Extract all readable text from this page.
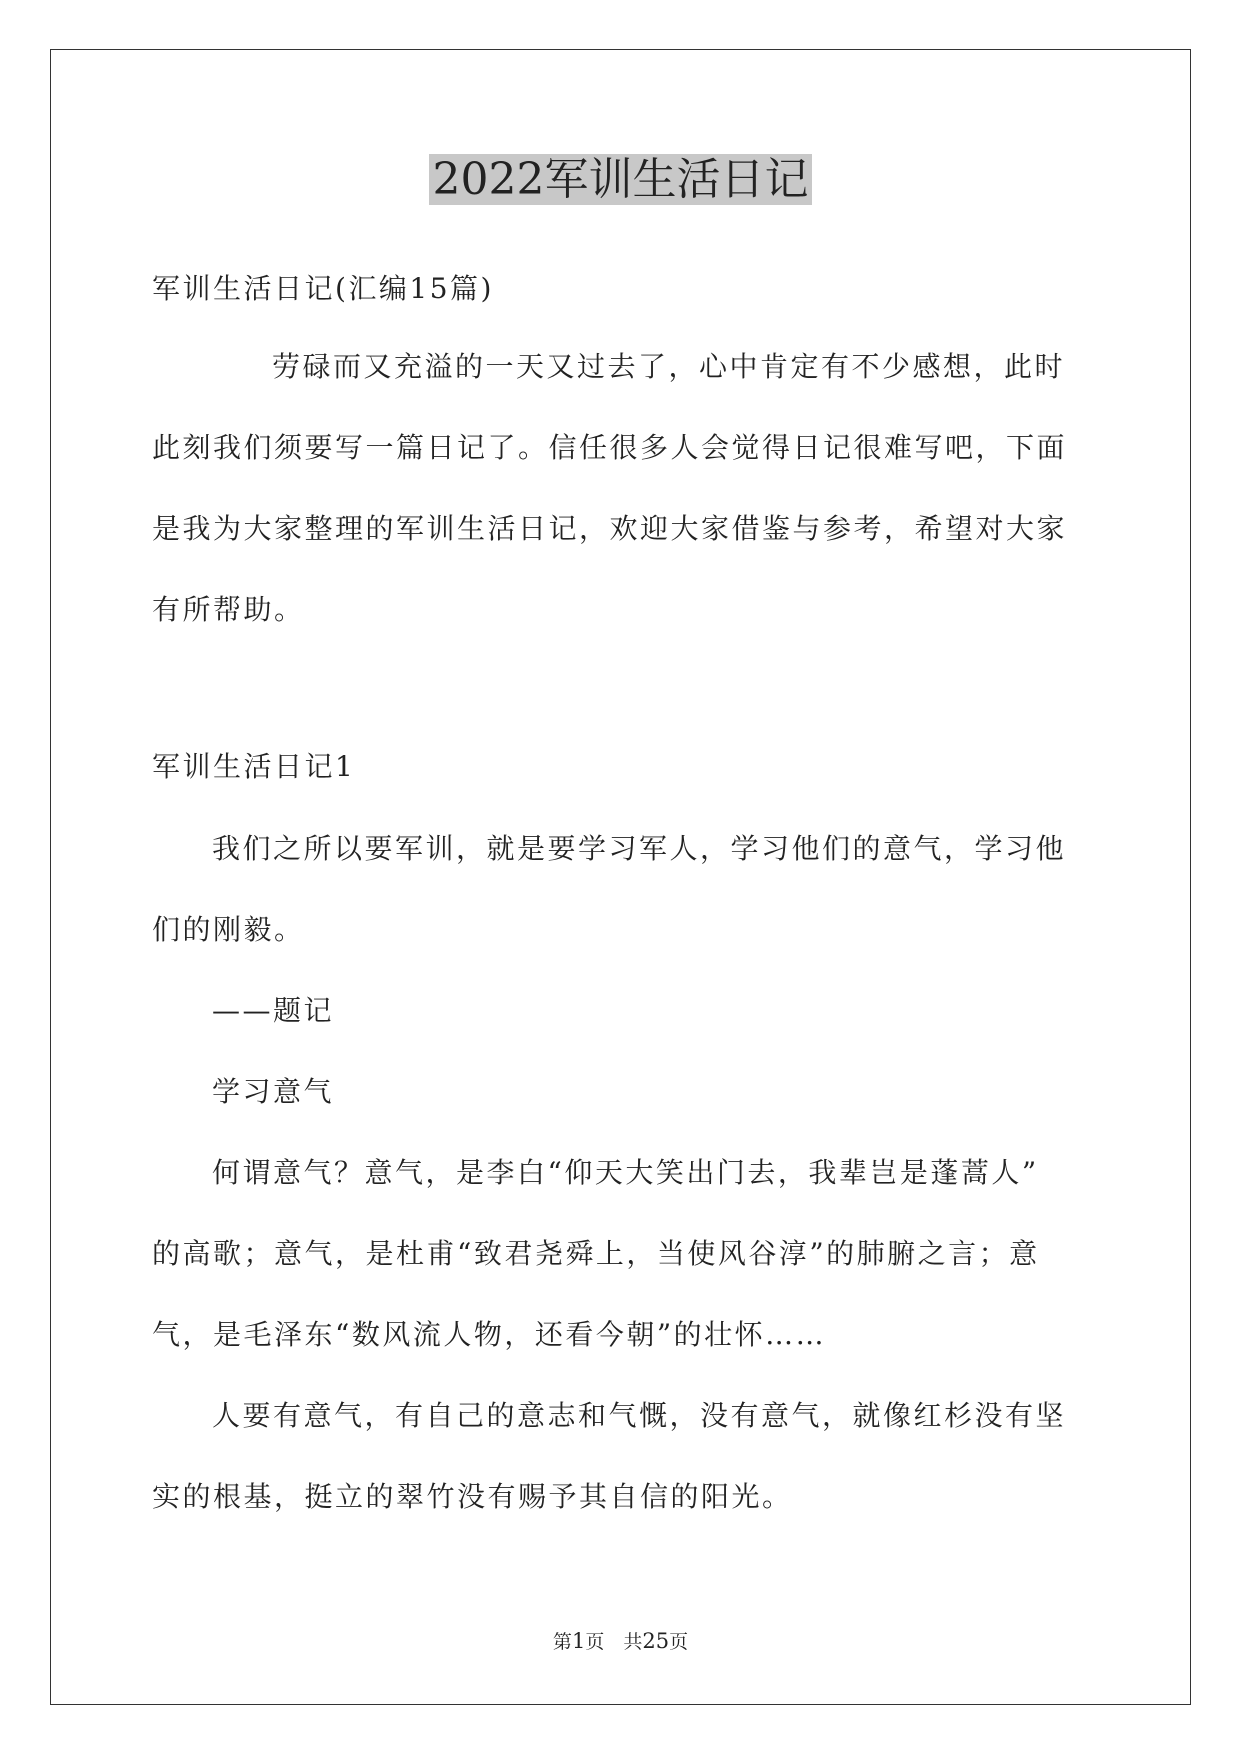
2022军训生活日记

军训生活日记(汇编15篇)

劳碌而又充溢的一天又过去了，心中肯定有不少感想，此时

此刻我们须要写一篇日记了。信任很多人会觉得日记很难写吧，下面

是我为大家整理的军训生活日记，欢迎大家借鉴与参考，希望对大家

有所帮助。

军训生活日记1

我们之所以要军训，就是要学习军人，学习他们的意气，学习他

们的刚毅。

——题记

学习意气

何谓意气？意气，是李白“仰天大笑出门去，我辈岂是蓬蒿人”

的高歌；意气，是杜甫“致君尧舜上，当使风谷淳”的肺腑之言；意

气，是毛泽东“数风流人物，还看今朝”的壮怀……

人要有意气，有自己的意志和气慨，没有意气，就像红杉没有坚

实的根基，挺立的翠竹没有赐予其自信的阳光。

第1页　共25页
